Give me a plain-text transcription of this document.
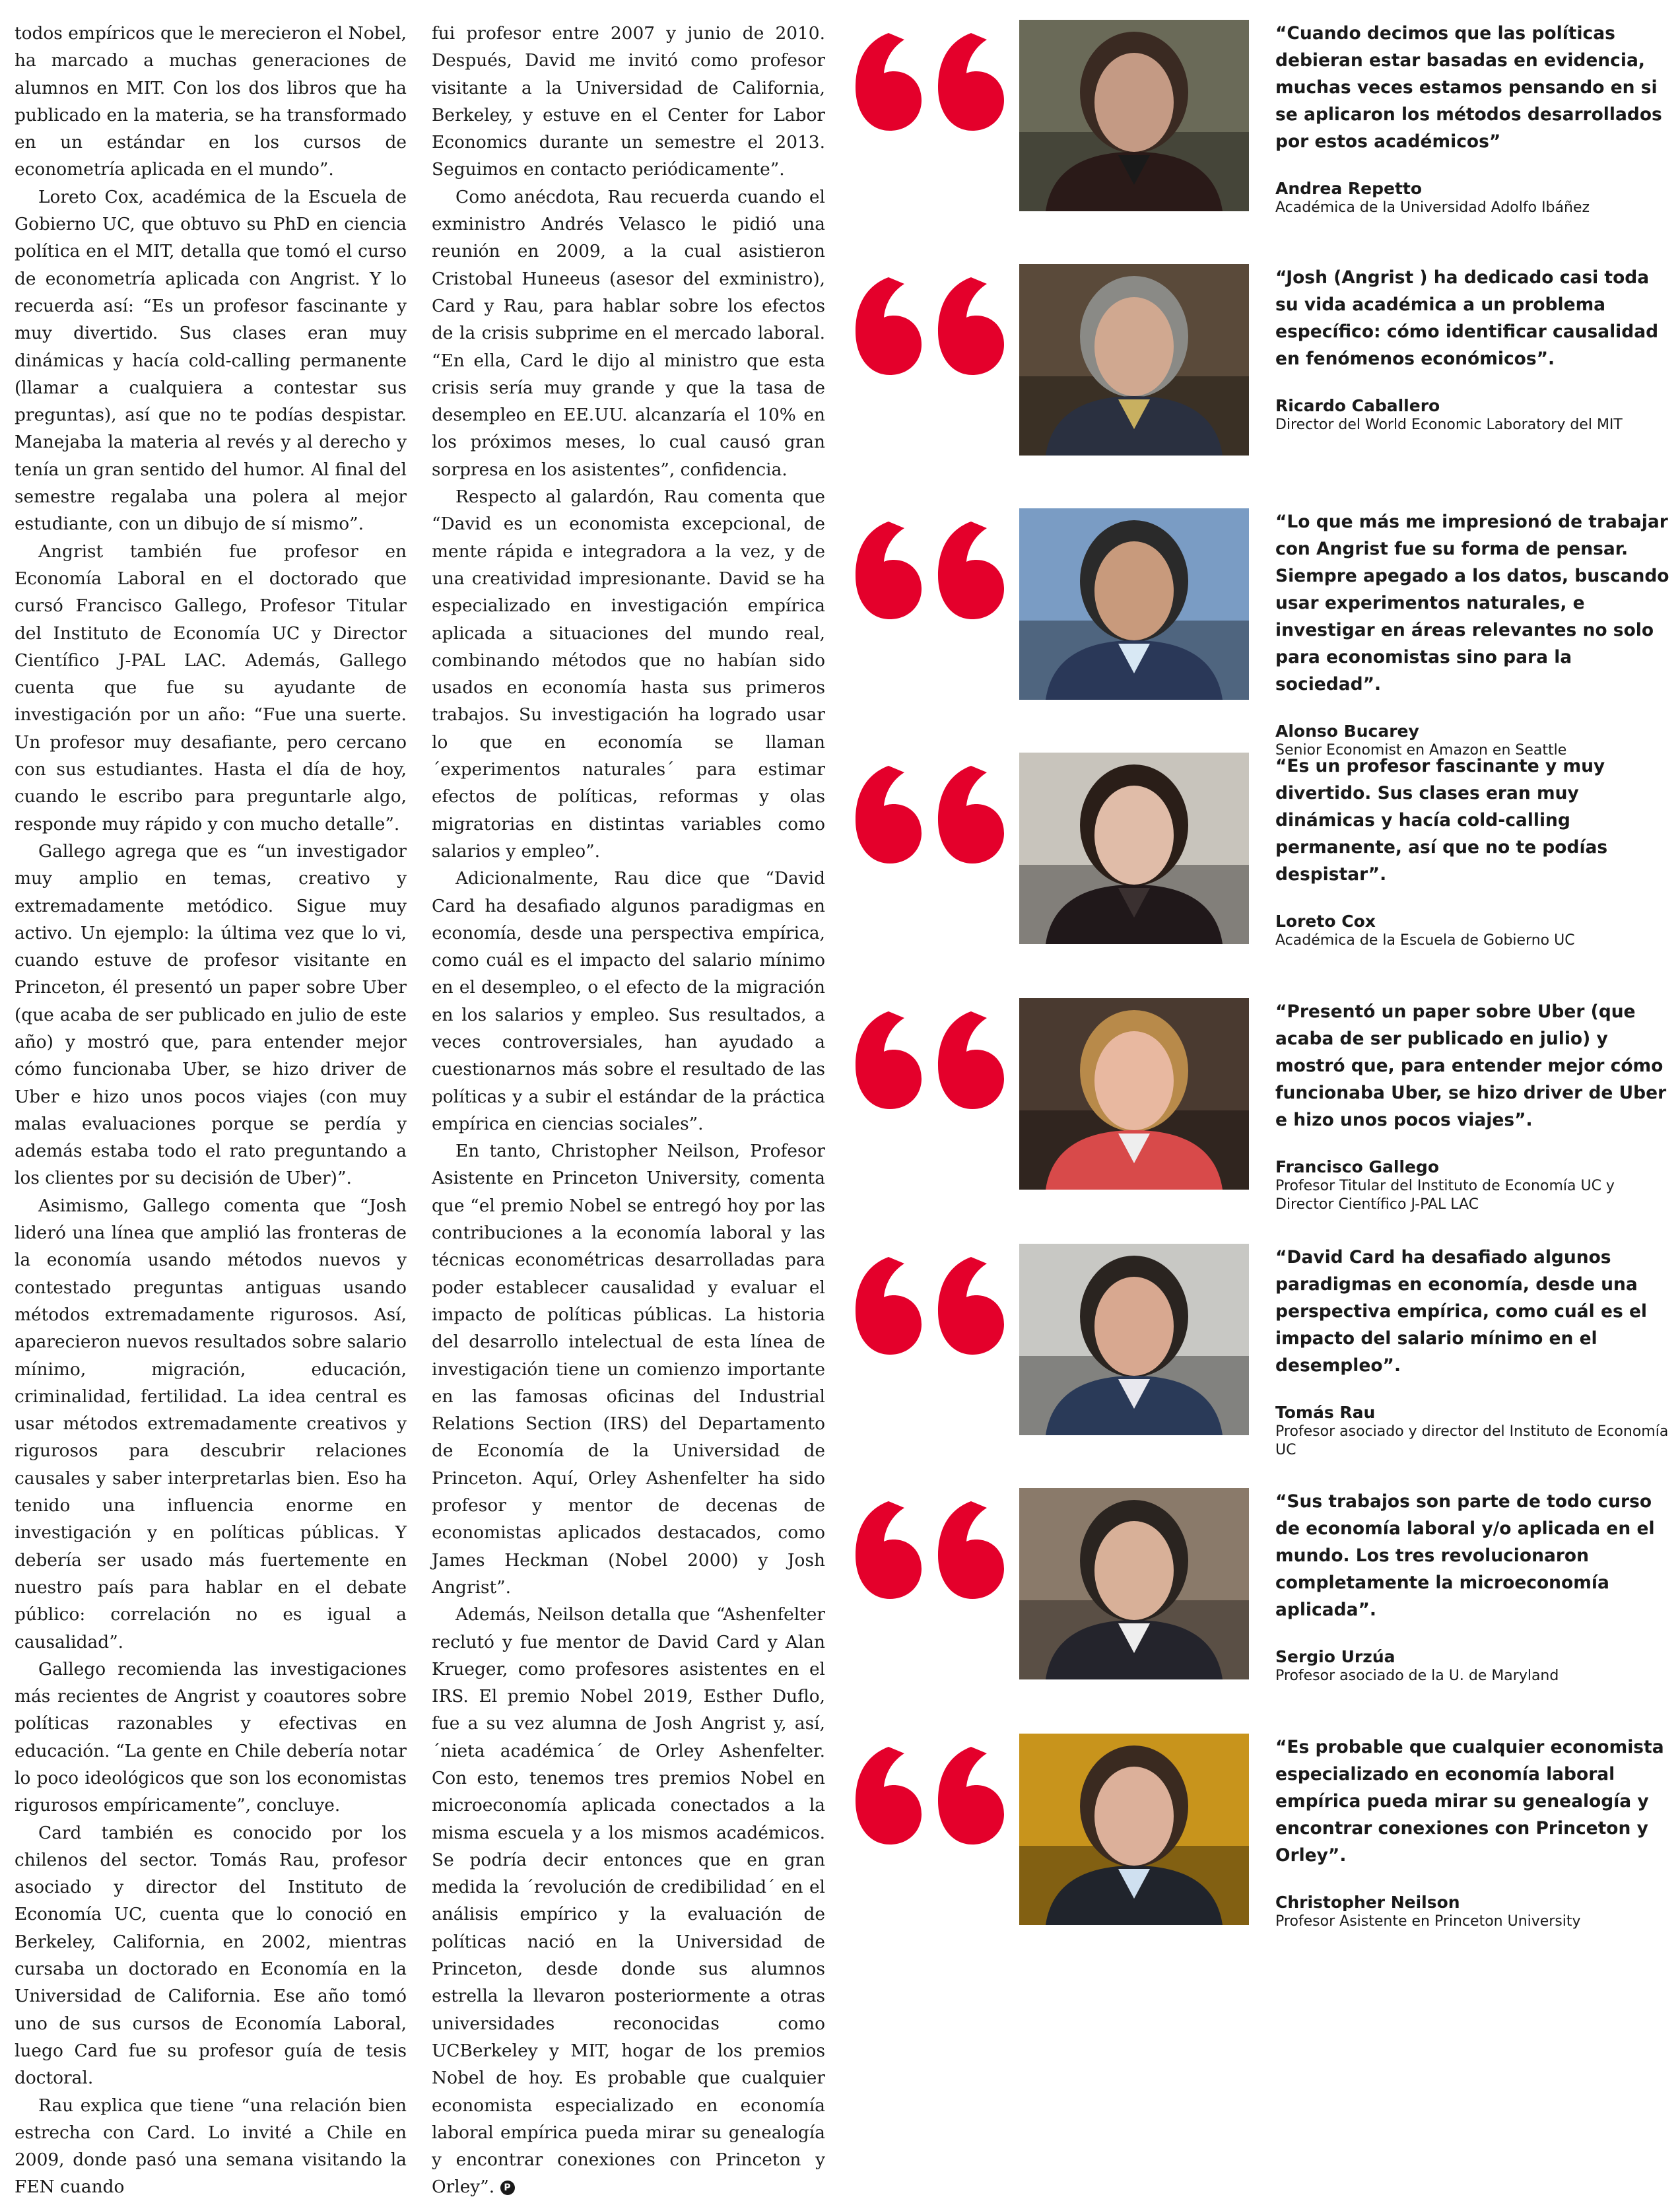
todos empíricos que le merecieron el Nobel, ha marcado a muchas generaciones de alumnos en MIT. Con los dos libros que ha publicado en la materia, se ha transformado en un estándar en los cursos de econometría aplicada en el mundo”.

Loreto Cox, académica de la Escuela de Gobierno UC, que obtuvo su PhD en ciencia política en el MIT, detalla que tomó el curso de econometría aplicada con Angrist. Y lo recuerda así: “Es un profesor fascinante y muy divertido. Sus clases eran muy dinámicas y hacía cold-calling permanente (llamar a cualquiera a contestar sus preguntas), así que no te podías despistar. Manejaba la materia al revés y al derecho y tenía un gran sentido del humor. Al final del semestre regalaba una polera al mejor estudiante, con un dibujo de sí mismo”.

Angrist también fue profesor en Economía Laboral en el doctorado que cursó Francisco Gallego, Profesor Titular del Instituto de Economía UC y Director Científico J-PAL LAC. Además, Gallego cuenta que fue su ayudante de investigación por un año: “Fue una suerte. Un profesor muy desafiante, pero cercano con sus estudiantes. Hasta el día de hoy, cuando le escribo para preguntarle algo, responde muy rápido y con mucho detalle”.

Gallego agrega que es “un investigador muy amplio en temas, creativo y extremadamente metódico. Sigue muy activo. Un ejemplo: la última vez que lo vi, cuando estuve de profesor visitante en Princeton, él presentó un paper sobre Uber (que acaba de ser publicado en julio de este año) y mostró que, para entender mejor cómo funcionaba Uber, se hizo driver de Uber e hizo unos pocos viajes (con muy malas evaluaciones porque se perdía y además estaba todo el rato preguntando a los clientes por su decisión de Uber)”.

Asimismo, Gallego comenta que “Josh lideró una línea que amplió las fronteras de la economía usando métodos nuevos y contestado preguntas antiguas usando métodos extremadamente rigurosos. Así, aparecieron nuevos resultados sobre salario mínimo, migración, educación, criminalidad, fertilidad. La idea central es usar métodos extremadamente creativos y rigurosos para descubrir relaciones causales y saber interpretarlas bien. Eso ha tenido una influencia enorme en investigación y en políticas públicas. Y debería ser usado más fuertemente en nuestro país para hablar en el debate público: correlación no es igual a causalidad”.

Gallego recomienda las investigaciones más recientes de Angrist y coautores sobre políticas razonables y efectivas en educación. “La gente en Chile debería notar lo poco ideológicos que son los economistas rigurosos empíricamente”, concluye.

Card también es conocido por los chilenos del sector. Tomás Rau, profesor asociado y director del Instituto de Economía UC, cuenta que lo conoció en Berkeley, California, en 2002, mientras cursaba un doctorado en Economía en la Universidad de California. Ese año tomó uno de sus cursos de Economía Laboral, luego Card fue su profesor guía de tesis doctoral.

Rau explica que tiene “una relación bien estrecha con Card. Lo invité a Chile en 2009, donde pasó una semana visitando la FEN cuando

fui profesor entre 2007 y junio de 2010. Después, David me invitó como profesor visitante a la Universidad de California, Berkeley, y estuve en el Center for Labor Economics durante un semestre el 2013. Seguimos en contacto periódicamente”.

Como anécdota, Rau recuerda cuando el exministro Andrés Velasco le pidió una reunión en 2009, a la cual asistieron Cristobal Huneeus (asesor del exministro), Card y Rau, para hablar sobre los efectos de la crisis subprime en el mercado laboral. “En ella, Card le dijo al ministro que esta crisis sería muy grande y que la tasa de desempleo en EE.UU. alcanzaría el 10% en los próximos meses, lo cual causó gran sorpresa en los asistentes”, confidencia.

Respecto al galardón, Rau comenta que “David es un economista excepcional, de mente rápida e integradora a la vez, y de una creatividad impresionante. David se ha especializado en investigación empírica aplicada a situaciones del mundo real, combinando métodos que no habían sido usados en economía hasta sus primeros trabajos. Su investigación ha logrado usar lo que en economía se llaman ´experimentos naturales´ para estimar efectos de políticas, reformas y olas migratorias en distintas variables como salarios y empleo”.

Adicionalmente, Rau dice que “David Card ha desafiado algunos paradigmas en economía, desde una perspectiva empírica, como cuál es el impacto del salario mínimo en el desempleo, o el efecto de la migración en los salarios y empleo. Sus resultados, a veces controversiales, han ayudado a cuestionarnos más sobre el resultado de las políticas y a subir el estándar de la práctica empírica en ciencias sociales”.

En tanto, Christopher Neilson, Profesor Asistente en Princeton University, comenta que “el premio Nobel se entregó hoy por las contribuciones a la economía laboral y las técnicas econométricas desarrolladas para poder establecer causalidad y evaluar el impacto de políticas públicas. La historia del desarrollo intelectual de esta línea de investigación tiene un comienzo importante en las famosas oficinas del Industrial Relations Section (IRS) del Departamento de Economía de la Universidad de Princeton. Aquí, Orley Ashenfelter ha sido profesor y mentor de decenas de economistas aplicados destacados, como James Heckman (Nobel 2000) y Josh Angrist”.

Además, Neilson detalla que “Ashenfelter reclutó y fue mentor de David Card y Alan Krueger, como profesores asistentes en el IRS. El premio Nobel 2019, Esther Duflo, fue a su vez alumna de Josh Angrist y, así, ´nieta académica´ de Orley Ashenfelter. Con esto, tenemos tres premios Nobel en microeconomía aplicada conectados a la misma escuela y a los mismos académicos. Se podría decir entonces que en gran medida la ´revolución de credibilidad´ en el análisis empírico y la evaluación de políticas nació en la Universidad de Princeton, desde donde sus alumnos estrella la llevaron posteriormente a otras universidades reconocidas como UCBerkeley y MIT, hogar de los premios Nobel de hoy. Es probable que cualquier economista especializado en economía laboral empírica pueda mirar su genealogía y encontrar conexiones con Princeton y Orley”. P

“Cuando decimos que las políticas debieran estar basadas en evidencia, muchas veces estamos pensando en si se aplicaron los métodos desarrollados por estos académicos”
Andrea Repetto
Académica de la Universidad Adolfo Ibáñez
“Josh (Angrist ) ha dedicado casi toda su vida académica a un problema específico: cómo identificar causalidad en fenómenos económicos”.
Ricardo Caballero
Director del World Economic Laboratory del MIT
“Lo que más me impresionó de trabajar con Angrist fue su forma de pensar. Siempre apegado a los datos, buscando usar experimentos naturales, e investigar en áreas relevantes no solo para economistas sino para la sociedad”.
Alonso Bucarey
Senior Economist en Amazon en Seattle
“Es un profesor fascinante y muy divertido. Sus clases eran muy dinámicas y hacía cold-calling permanente, así que no te podías despistar”.
Loreto Cox
Académica de la Escuela de Gobierno UC
“Presentó un paper sobre Uber (que acaba de ser publicado en julio) y mostró que, para entender mejor cómo funcionaba Uber, se hizo driver de Uber e hizo unos pocos viajes”.
Francisco Gallego
Profesor Titular del Instituto de Economía UC y Director Científico J-PAL LAC
“David Card ha desafiado algunos paradigmas en economía, desde una perspectiva empírica, como cuál es el impacto del salario mínimo en el desempleo”.
Tomás Rau
Profesor asociado y director del Instituto de Economía UC
“Sus trabajos son parte de todo curso de economía laboral y/o aplicada en el mundo. Los tres revolucionaron completamente la microeconomía aplicada”.
Sergio Urzúa
Profesor asociado de la U. de Maryland
“Es probable que cualquier economista especializado en economía laboral empírica pueda mirar su genealogía y encontrar conexiones con Princeton y Orley”.
Christopher Neilson
Profesor Asistente en Princeton University
